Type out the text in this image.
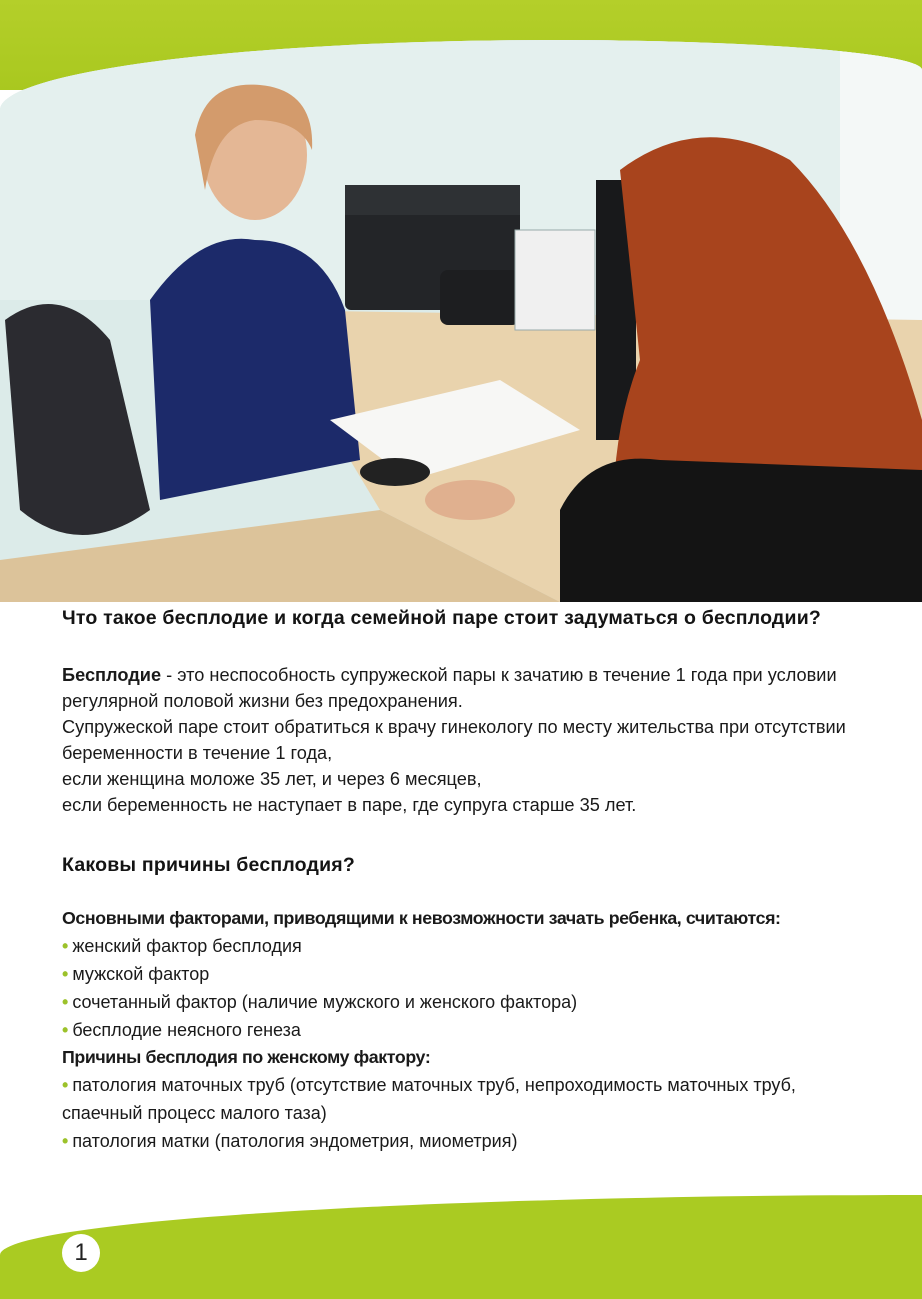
Что такое бесплодие и когда семейной паре стоит задуматься о бесплодии?

Бесплодие - это неспособность супружеской пары к зачатию в течение 1 года при условии регулярной половой жизни без предохранения.

Супружеской паре стоит обратиться к врачу гинекологу по месту жительства при отсутствии беременности в течение 1 года,

если женщина моложе 35 лет, и через 6 месяцев,

если беременность не наступает в паре, где супруга старше 35 лет.

Каковы причины бесплодия?

Основными факторами, приводящими к невозможности зачать ребенка, считаются:

• женский фактор бесплодия

• мужской фактор

• сочетанный фактор (наличие мужского и женского фактора)

• бесплодие неясного генеза

Причины бесплодия по женскому фактору:

• патология маточных труб (отсутствие маточных труб, непроходимость маточных труб, спаечный процесс малого таза)

• патология матки (патология эндометрия, миометрия)

1
